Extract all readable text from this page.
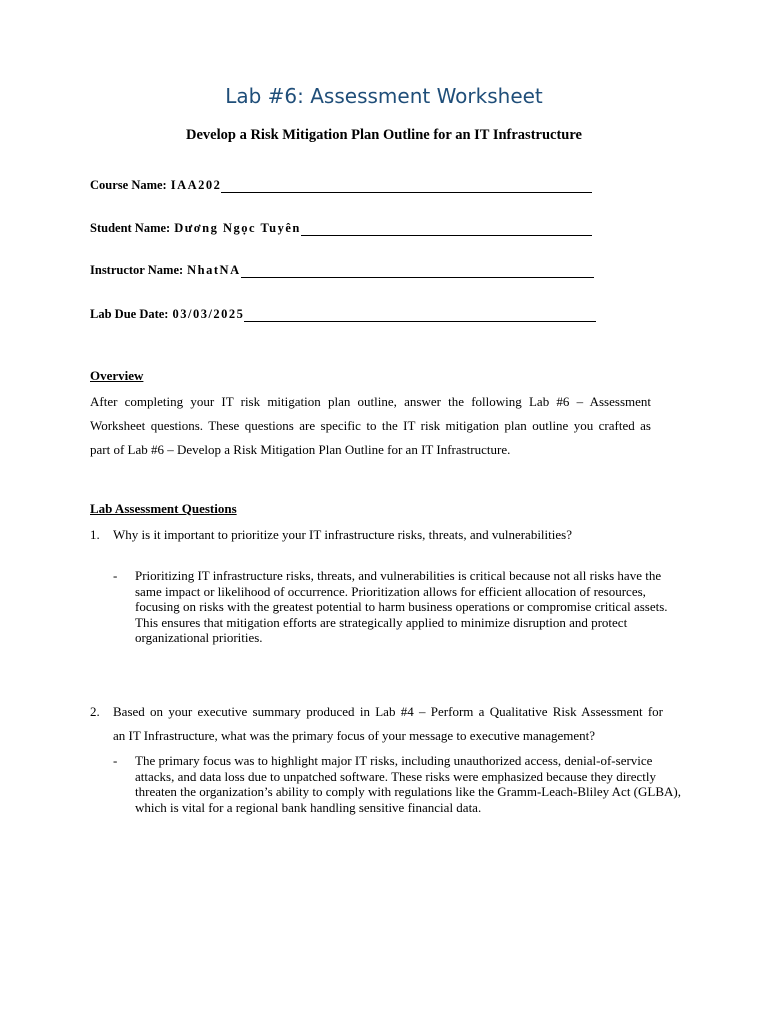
Lab #6: Assessment Worksheet
Develop a Risk Mitigation Plan Outline for an IT Infrastructure
Course Name: IAA202
Student Name: Dương Ngọc Tuyên
Instructor Name: NhatNA
Lab Due Date: 03/03/2025
Overview
After completing your IT risk mitigation plan outline, answer the following Lab #6 – Assessment
Worksheet questions. These questions are specific to the IT risk mitigation plan outline you crafted as
part of Lab #6 – Develop a Risk Mitigation Plan Outline for an IT Infrastructure.
Lab Assessment Questions
1. Why is it important to prioritize your IT infrastructure risks, threats, and vulnerabilities?
- Prioritizing IT infrastructure risks, threats, and vulnerabilities is critical because not all risks have the
same impact or likelihood of occurrence. Prioritization allows for efficient allocation of resources,
focusing on risks with the greatest potential to harm business operations or compromise critical assets.
This ensures that mitigation efforts are strategically applied to minimize disruption and protect
organizational priorities.
2. Based on your executive summary produced in Lab #4 – Perform a Qualitative Risk Assessment for
an IT Infrastructure, what was the primary focus of your message to executive management?
- The primary focus was to highlight major IT risks, including unauthorized access, denial-of-service
attacks, and data loss due to unpatched software. These risks were emphasized because they directly
threaten the organization’s ability to comply with regulations like the Gramm-Leach-Bliley Act (GLBA),
which is vital for a regional bank handling sensitive financial data.
